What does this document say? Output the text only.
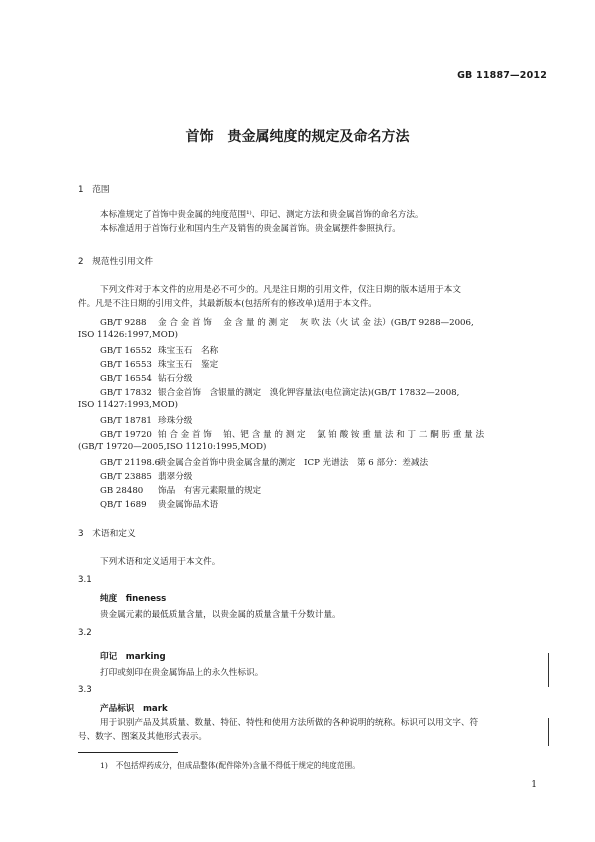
GB 11887—2012
首饰　贵金属纯度的规定及命名方法
1　范围
本标准规定了首饰中贵金属的纯度范围¹⁾、印记、测定方法和贵金属首饰的命名方法。
本标准适用于首饰行业和国内生产及销售的贵金属首饰。贵金属摆件参照执行。
2　规范性引用文件
下列文件对于本文件的应用是必不可少的。凡是注日期的引用文件，仅注日期的版本适用于本文
件。凡是不注日期的引用文件，其最新版本(包括所有的修改单)适用于本文件。
GB/T 9288 金 合 金 首 饰　 金 含 量 的 测 定　 灰 吹 法（火 试 金 法）(GB/T 9288—2006,
ISO 11426:1997,MOD)
GB/T 16552 珠宝玉石　名称
GB/T 16553 珠宝玉石　鉴定
GB/T 16554 钻石分级
GB/T 17832 银合金首饰　含银量的测定　溴化钾容量法(电位滴定法)(GB/T 17832—2008,
ISO 11427:1993,MOD)
GB/T 18781 珍珠分级
GB/T 19720 铂 合 金 首 饰　 铂、钯 含 量 的 测 定　 氯 铂 酸 铵 重 量 法 和 丁 二 酮 肟 重 量 法
(GB/T 19720—2005,ISO 11210:1995,MOD)
GB/T 21198.6贵金属合金首饰中贵金属含量的测定　ICP 光谱法　第 6 部分：差减法
GB/T 23885 翡翠分级
GB 28480 饰品　有害元素限量的规定
QB/T 1689 贵金属饰品术语
3　术语和定义
下列术语和定义适用于本文件。
3.1
纯度　fineness
贵金属元素的最低质量含量，以贵金属的质量含量千分数计量。
3.2
印记　marking
打印或刻印在贵金属饰品上的永久性标识。
3.3
产品标识　mark
用于识别产品及其质量、数量、特征、特性和使用方法所做的各种说明的统称。标识可以用文字、符
号、数字、图案及其他形式表示。
1)　不包括焊药成分，但成品整体(配件除外)含量不得低于规定的纯度范围。
1
